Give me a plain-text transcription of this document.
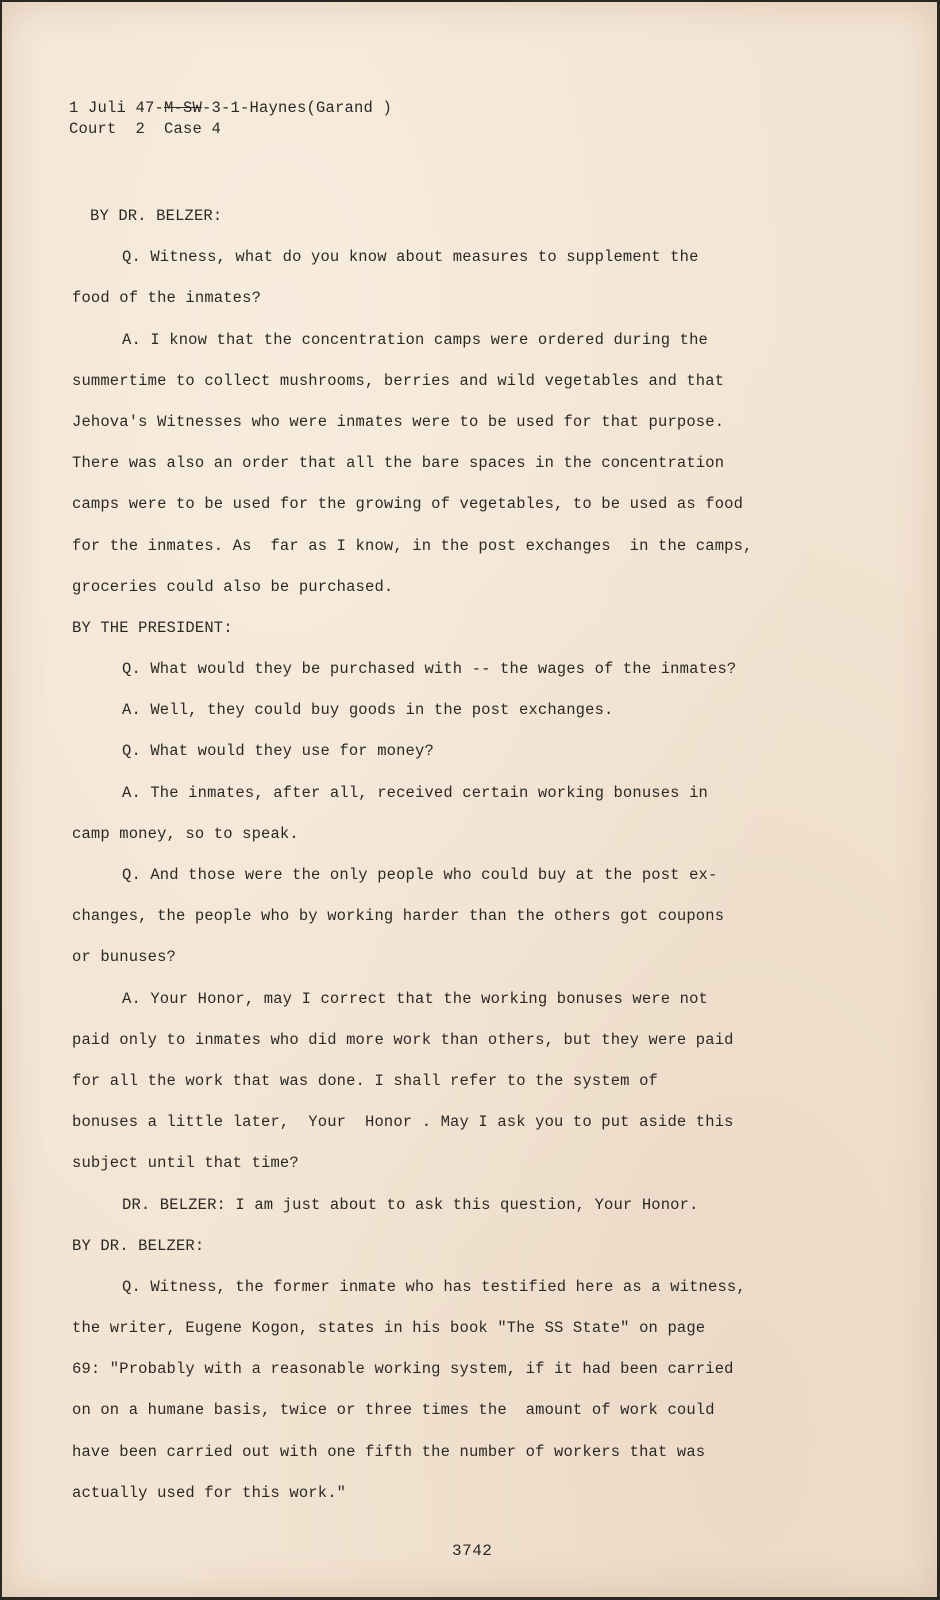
1 Juli 47-M-SW-3-1-Haynes(Garand )
Court  2  Case 4
BY DR. BELZER:
Q. Witness, what do you know about measures to supplement the
food of the inmates?
A. I know that the concentration camps were ordered during the
summertime to collect mushrooms, berries and wild vegetables and that
Jehova's Witnesses who were inmates were to be used for that purpose.
There was also an order that all the bare spaces in the concentration
camps were to be used for the growing of vegetables, to be used as food
for the inmates. As  far as I know, in the post exchanges  in the camps,
groceries could also be purchased.
BY THE PRESIDENT:
Q. What would they be purchased with -- the wages of the inmates?
A. Well, they could buy goods in the post exchanges.
Q. What would they use for money?
A. The inmates, after all, received certain working bonuses in
camp money, so to speak.
Q. And those were the only people who could buy at the post ex-
changes, the people who by working harder than the others got coupons
or bunuses?
A. Your Honor, may I correct that the working bonuses were not
paid only to inmates who did more work than others, but they were paid
for all the work that was done. I shall refer to the system of
bonuses a little later,  Your  Honor . May I ask you to put aside this
subject until that time?
DR. BELZER: I am just about to ask this question, Your Honor.
BY DR. BELZER:
Q. Witness, the former inmate who has testified here as a witness,
the writer, Eugene Kogon, states in his book "The SS State" on page
69: "Probably with a reasonable working system, if it had been carried
on on a humane basis, twice or three times the  amount of work could
have been carried out with one fifth the number of workers that was
actually used for this work."
3742
